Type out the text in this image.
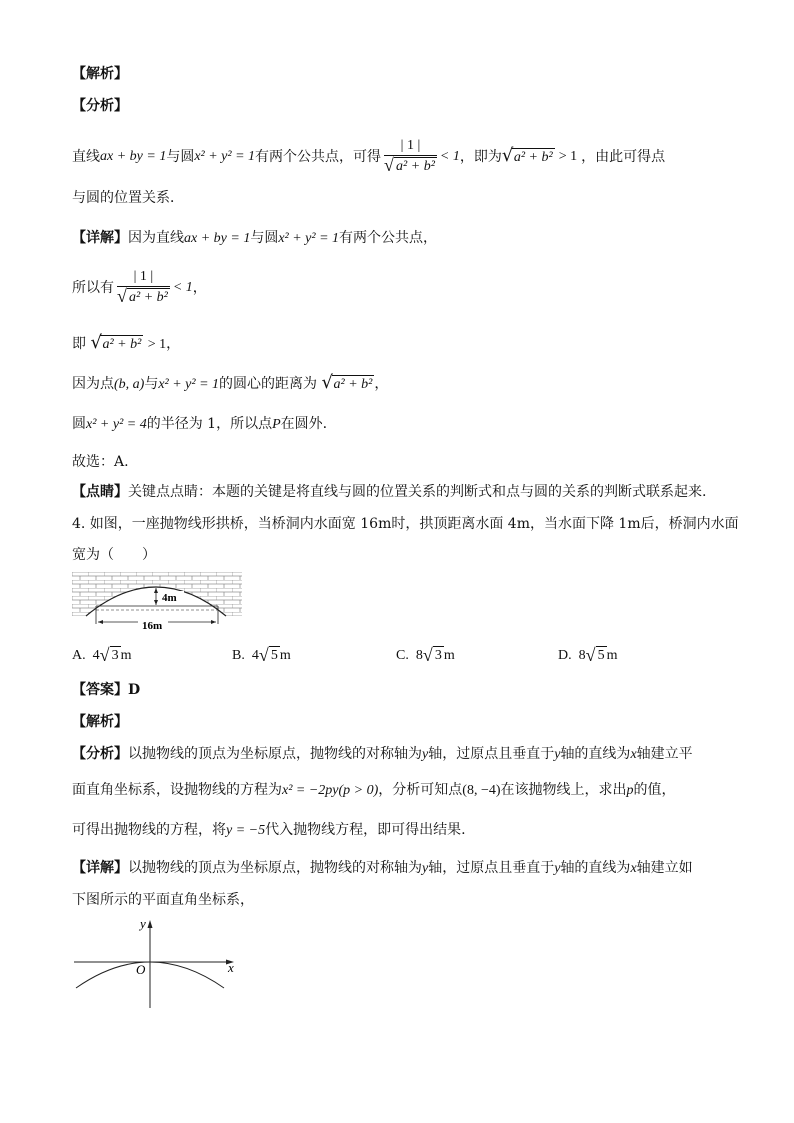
【解析】
【分析】
直线 ax + by = 1 与圆 x² + y² = 1 有两个公共点，可得 $\frac{| 1 |}{\text{√ a² + b²}} < 1$ ，即为 √ a² + b² > 1 ，由此可得点
与圆的位置关系．
【详解】因为直线ax + by = 1与圆x² + y² = 1有两个公共点，
所以有 $\frac{| 1 |}{\text{√ a² + b²}} < 1$ ，
即 √ a² + b² > 1，
因为点(b, a)与x² + y² = 1的圆心的距离为 √ a² + b² ，
圆x² + y² = 4的半径为 1，所以点P在圆外.
故选：A.
【点睛】关键点点睛：本题的关键是将直线与圆的位置关系的判断式和点与圆的关系的判断式联系起来.
4. 如图，一座抛物线形拱桥，当桥洞内水面宽 16m时，拱顶距离水面 4m，当水面下降 1m后，桥洞内水面
宽为（　　）
4m
16m
A. 4 √ 3 m	B. 4 √ 5 m	C. 8 √ 3 m	D. 8 √ 5 m
【答案】D
【解析】
【分析】以抛物线的顶点为坐标原点，抛物线的对称轴为y轴，过原点且垂直于y轴的直线为x轴建立平
面直角坐标系，设抛物线的方程为x² = −2py(p > 0)，分析可知点(8, −4)在该抛物线上，求出p的值，
可得出抛物线的方程，将y = −5代入抛物线方程，即可得出结果.
【详解】以抛物线的顶点为坐标原点，抛物线的对称轴为y轴，过原点且垂直于y轴的直线为x轴建立如
下图所示的平面直角坐标系，
y
x
O
